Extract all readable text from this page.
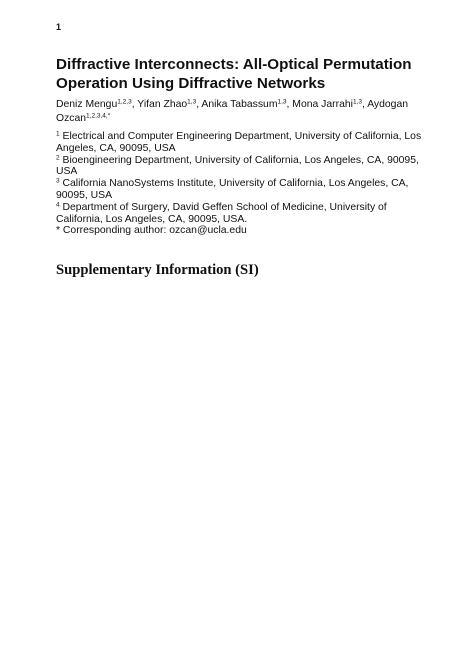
1
Diffractive Interconnects: All-Optical Permutation Operation Using Diffractive Networks
Deniz Mengu$^{1,2,3}$, Yifan Zhao$^{1,3}$, Anika Tabassum$^{1,3}$, Mona Jarrahi$^{1,3}$, Aydogan Ozcan$^{1,2,3,4,*}$

$^1$ Electrical and Computer Engineering Department, University of California, Los Angeles, CA, 90095, USA

$^2$ Bioengineering Department, University of California, Los Angeles, CA, 90095, USA

$^3$ California NanoSystems Institute, University of California, Los Angeles, CA, 90095, USA

$^4$ Department of Surgery, David Geffen School of Medicine, University of California, Los Angeles, CA, 90095, USA.

* Corresponding author: ozcan@ucla.edu

Supplementary Information (SI)
